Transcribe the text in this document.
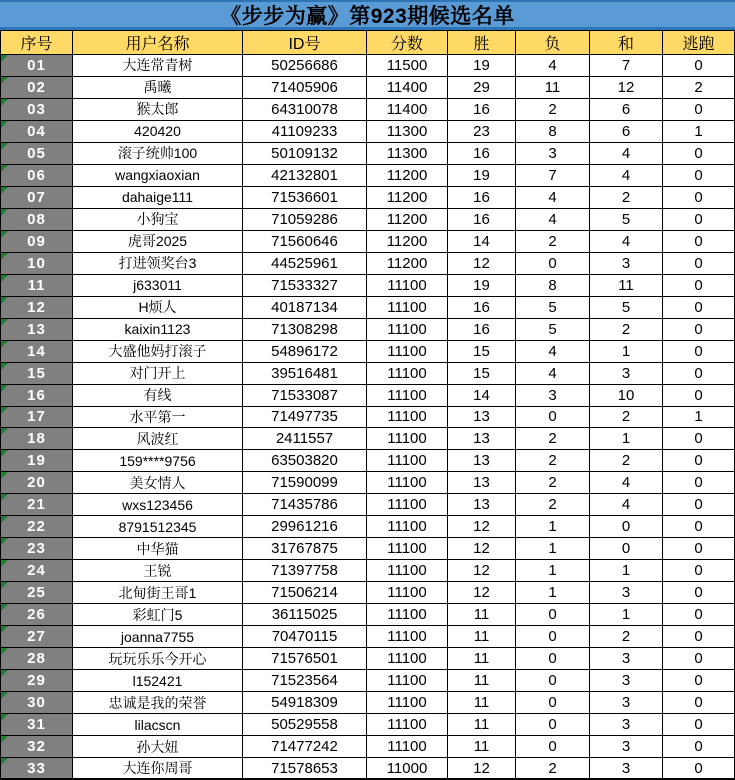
《步步为赢》第923期候选名单
序号	用户名称	ID号	分数	胜	负	和	逃跑
01	大连常青树	50256686	11500	19	4	7	0
02	禹曦	71405906	11400	29	11	12	2
03	猴太郎	64310078	11400	16	2	6	0
04	420420	41109233	11300	23	8	6	1
05	滚子统帅100	50109132	11300	16	3	4	0
06	wangxiaoxian	42132801	11200	19	7	4	0
07	dahaige111	71536601	11200	16	4	2	0
08	小狗宝	71059286	11200	16	4	5	0
09	虎哥2025	71560646	11200	14	2	4	0
10	打进领奖台3	44525961	11200	12	0	3	0
11	j633011	71533327	11100	19	8	11	0
12	H烦人	40187134	11100	16	5	5	0
13	kaixin1123	71308298	11100	16	5	2	0
14	大盛他妈打滚子	54896172	11100	15	4	1	0
15	对门开上	39516481	11100	15	4	3	0
16	有线	71533087	11100	14	3	10	0
17	水平第一	71497735	11100	13	0	2	1
18	风波红	2411557	11100	13	2	1	0
19	159****9756	63503820	11100	13	2	2	0
20	美女情人	71590099	11100	13	2	4	0
21	wxs123456	71435786	11100	13	2	4	0
22	8791512345	29961216	11100	12	1	0	0
23	中华猫	31767875	11100	12	1	0	0
24	王锐	71397758	11100	12	1	1	0
25	北甸街王哥1	71506214	11100	12	1	3	0
26	彩虹门5	36115025	11100	11	0	1	0
27	joanna7755	70470115	11100	11	0	2	0
28	玩玩乐乐今开心	71576501	11100	11	0	3	0
29	l152421	71523564	11100	11	0	3	0
30	忠诚是我的荣誉	54918309	11100	11	0	3	0
31	lilacscn	50529558	11100	11	0	3	0
32	孙大妞	71477242	11100	11	0	3	0
33	大连你周哥	71578653	11000	12	2	3	0
